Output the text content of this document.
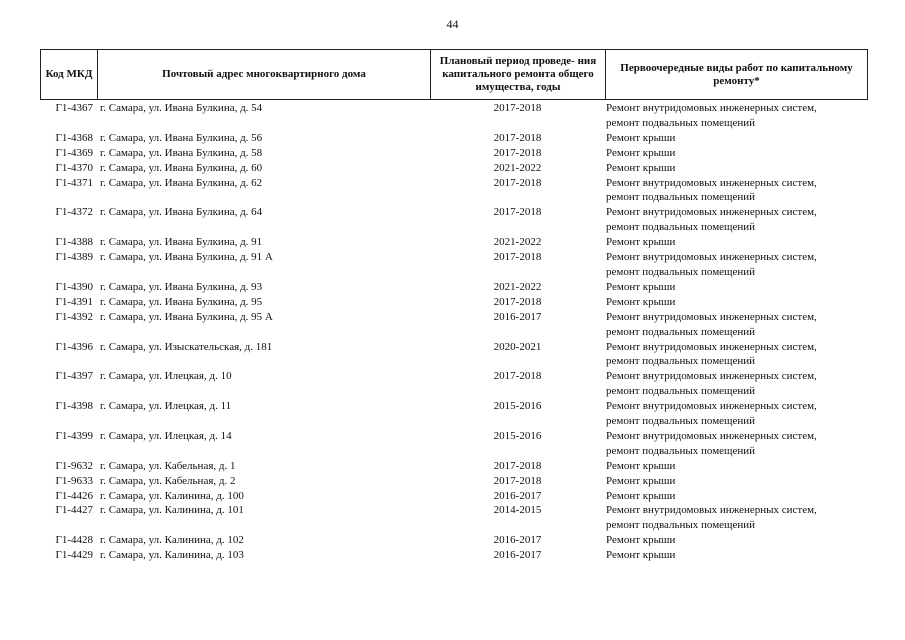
44
Код МКД	Почтовый адрес многоквартирного дома	Плановый период проведе- ния капитального ремонта общего имущества, годы	Первоочередные виды работ по капитальному ремонту*
Г1-4367 г. Самара, ул. Ивана Булкина, д. 54	2017-2018	Ремонт внутридомовых инженерных систем,
ремонт подвальных помещений
Г1-4368 г. Самара, ул. Ивана Булкина, д. 56	2017-2018	Ремонт крыши
Г1-4369 г. Самара, ул. Ивана Булкина, д. 58	2017-2018	Ремонт крыши
Г1-4370 г. Самара, ул. Ивана Булкина, д. 60	2021-2022	Ремонт крыши
Г1-4371 г. Самара, ул. Ивана Булкина, д. 62	2017-2018	Ремонт внутридомовых инженерных систем,
ремонт подвальных помещений
Г1-4372 г. Самара, ул. Ивана Булкина, д. 64	2017-2018	Ремонт внутридомовых инженерных систем,
ремонт подвальных помещений
Г1-4388 г. Самара, ул. Ивана Булкина, д. 91	2021-2022	Ремонт крыши
Г1-4389 г. Самара, ул. Ивана Булкина, д. 91 А	2017-2018	Ремонт внутридомовых инженерных систем,
ремонт подвальных помещений
Г1-4390 г. Самара, ул. Ивана Булкина, д. 93	2021-2022	Ремонт крыши
Г1-4391 г. Самара, ул. Ивана Булкина, д. 95	2017-2018	Ремонт крыши
Г1-4392 г. Самара, ул. Ивана Булкина, д. 95 А	2016-2017	Ремонт внутридомовых инженерных систем,
ремонт подвальных помещений
Г1-4396 г. Самара, ул. Изыскательская, д. 181	2020-2021	Ремонт внутридомовых инженерных систем,
ремонт подвальных помещений
Г1-4397 г. Самара, ул. Илецкая, д. 10	2017-2018	Ремонт внутридомовых инженерных систем,
ремонт подвальных помещений
Г1-4398 г. Самара, ул. Илецкая, д. 11	2015-2016	Ремонт внутридомовых инженерных систем,
ремонт подвальных помещений
Г1-4399 г. Самара, ул. Илецкая, д. 14	2015-2016	Ремонт внутридомовых инженерных систем,
ремонт подвальных помещений
Г1-9632 г. Самара, ул. Кабельная, д. 1	2017-2018	Ремонт крыши
Г1-9633 г. Самара, ул. Кабельная, д. 2	2017-2018	Ремонт крыши
Г1-4426 г. Самара, ул. Калинина, д. 100	2016-2017	Ремонт крыши
Г1-4427 г. Самара, ул. Калинина, д. 101	2014-2015	Ремонт внутридомовых инженерных систем,
ремонт подвальных помещений
Г1-4428 г. Самара, ул. Калинина, д. 102	2016-2017	Ремонт крыши
Г1-4429 г. Самара, ул. Калинина, д. 103	2016-2017	Ремонт крыши
